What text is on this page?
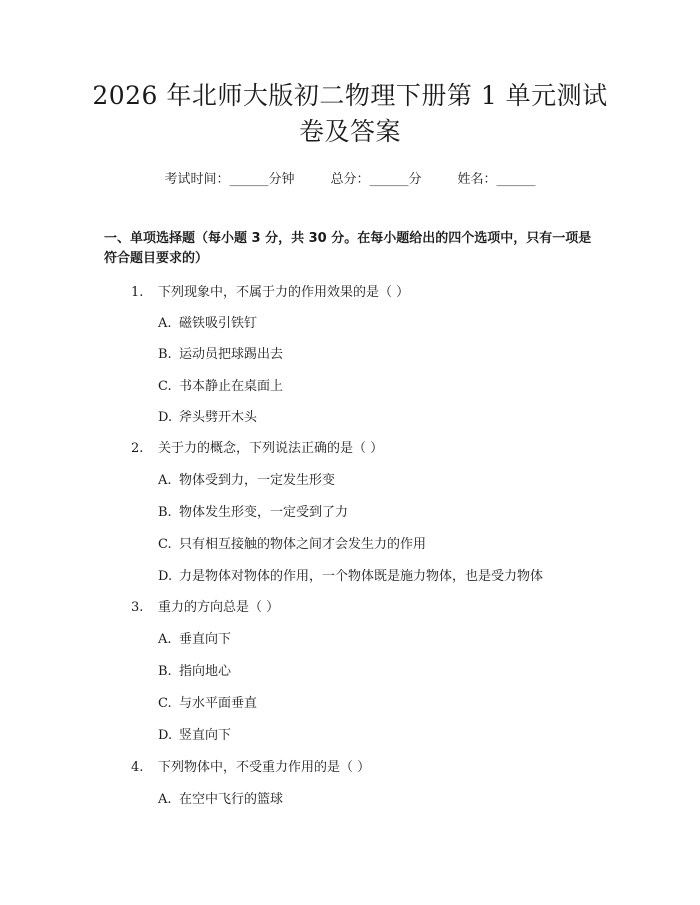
2026 年北师大版初二物理下册第 1 单元测试
卷及答案
考试时间：______分钟	总分：______分	姓名：______
一、单项选择题（每小题 3 分，共 30 分。在每小题给出的四个选项中，只有一项是符合题目要求的）
1. 下列现象中，不属于力的作用效果的是（ ）
A. 磁铁吸引铁钉
B. 运动员把球踢出去
C. 书本静止在桌面上
D. 斧头劈开木头
2. 关于力的概念，下列说法正确的是（ ）
A. 物体受到力，一定发生形变
B. 物体发生形变，一定受到了力
C. 只有相互接触的物体之间才会发生力的作用
D. 力是物体对物体的作用，一个物体既是施力物体，也是受力物体
3. 重力的方向总是（ ）
A. 垂直向下
B. 指向地心
C. 与水平面垂直
D. 竖直向下
4. 下列物体中，不受重力作用的是（ ）
A. 在空中飞行的篮球
